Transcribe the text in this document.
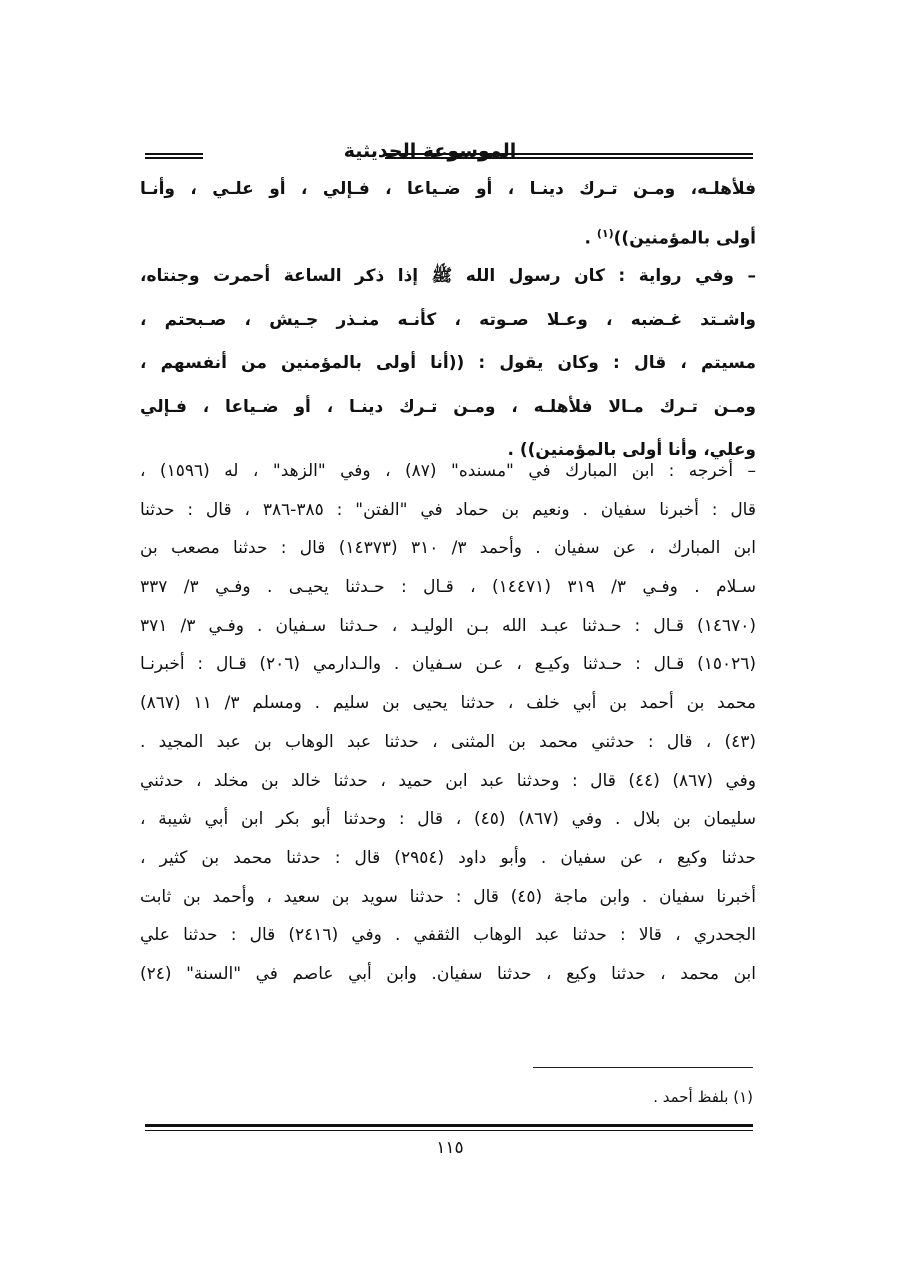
الموسوعة الحديثية
فلأهلـه، ومـن تـرك دينـا ، أو ضـياعا ، فـإلي ، أو علـي ، وأنـا
أولى بالمؤمنين))$^{(١)}$ .
– وفي رواية : كان رسول الله ﷺ إذا ذكر الساعة أحمرت وجنتاه،
واشـتد غـضبه ، وعـلا صـوته ، كأنـه منـذر جـيش ، صـبحتم ،
مسيتم ، قال : وكان يقول : ((أنا أولى بالمؤمنين من أنفسهم ،
ومـن تـرك مـالا فلأهلـه ، ومـن تـرك دينـا ، أو ضـياعا ، فـإلي
وعلي، وأنا أولى بالمؤمنين)) .
– أخرجه : ابن المبارك في "مسنده" (٨٧) ، وفي "الزهد" ، له (١٥٩٦) ،
قال : أخبرنا سفيان . ونعيم بن حماد في "الفتن" : ٣٨٥-٣٨٦ ، قال : حدثنا
ابن المبارك ، عن سفيان . وأحمد ٣/ ٣١٠ (١٤٣٧٣) قال : حدثنا مصعب بن
سـلام . وفـي ٣/ ٣١٩ (١٤٤٧١) ، قـال : حـدثنا يحيـى . وفـي ٣/ ٣٣٧
(١٤٦٧٠) قـال : حـدثنا عبـد الله بـن الوليـد ، حـدثنا سـفيان . وفـي ٣/ ٣٧١
(١٥٠٢٦) قـال : حـدثنا وكيـع ، عـن سـفيان . والـدارمي (٢٠٦) قـال : أخبرنـا
محمد بن أحمد بن أبي خلف ، حدثنا يحيى بن سليم . ومسلم ٣/ ١١ (٨٦٧)
(٤٣) ، قال : حدثني محمد بن المثنى ، حدثنا عبد الوهاب بن عبد المجيد .
وفي (٨٦٧) (٤٤) قال : وحدثنا عبد ابن حميد ، حدثنا خالد بن مخلد ، حدثني
سليمان بن بلال . وفي (٨٦٧) (٤٥) ، قال : وحدثنا أبو بكر ابن أبي شيبة ،
حدثنا وكيع ، عن سفيان . وأبو داود (٢٩٥٤) قال : حدثنا محمد بن كثير ،
أخبرنا سفيان . وابن ماجة (٤٥) قال : حدثنا سويد بن سعيد ، وأحمد بن ثابت
الجحدري ، قالا : حدثنا عبد الوهاب الثقفي . وفي (٢٤١٦) قال : حدثنا علي
ابن محمد ، حدثنا وكيع ، حدثنا سفيان. وابن أبي عاصم في "السنة" (٢٤)
(١) بلفظ أحمد .
١١٥
